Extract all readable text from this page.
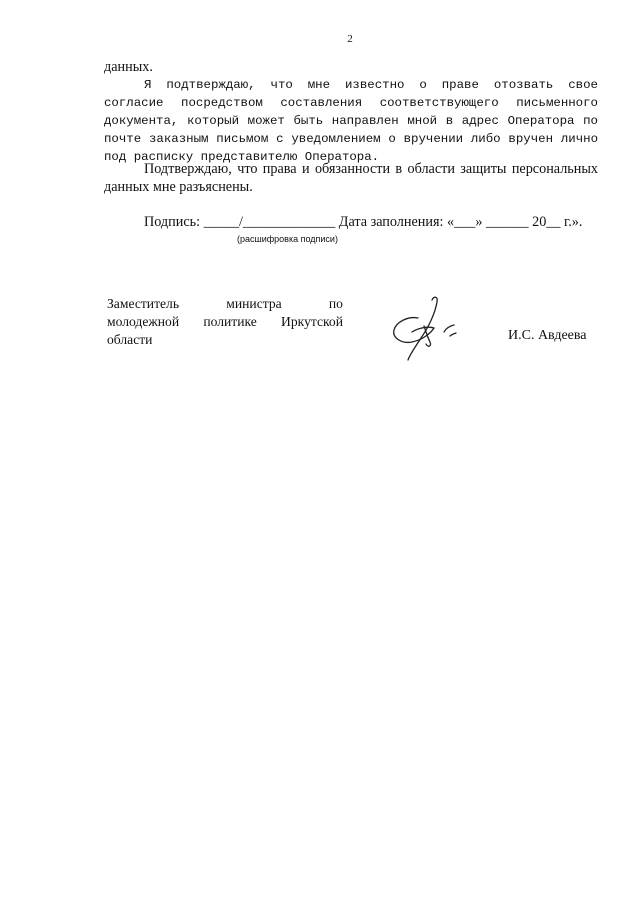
2
данных.
Я подтверждаю, что мне известно о праве отозвать свое согласие посредством составления соответствующего письменного документа, который может быть направлен мной в адрес Оператора по почте заказным письмом с уведомлением о вручении либо вручен лично под расписку представителю Оператора.
Подтверждаю, что права и обязанности в области защиты персональных данных мне разъяснены.
Подпись: _____/_____________ Дата заполнения: «___» ______ 20__ г.».
(расшифровка подписи)
Заместитель	министра	по
молодежной политике Иркутской
области	И.С. Авдеева
